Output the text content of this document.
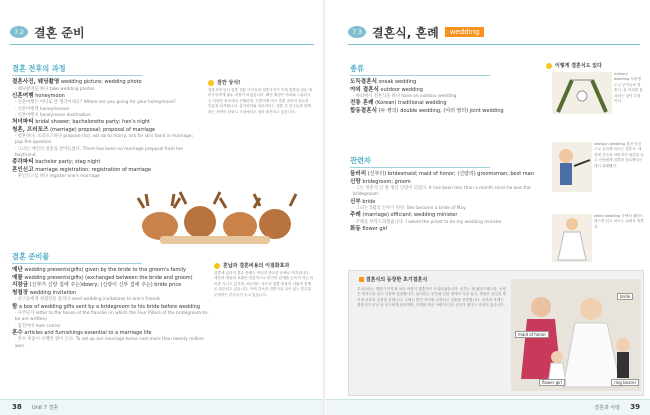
7.2 결혼 준비
결혼 전후의 과정
결혼사진, 웨딩촬영 wedding picture; wedding photo
· 웨딩촬영을 하다 take wedding photos
신혼여행 honeymoon
· 신혼여행은 어디로 갈 생각이세요? Where are you going for your honeymoon?
· 신혼여행객 honeymooner
· 신혼여행지 honeymoon destination
처녀파티 bridal shower; bachelorette party; hen's night
청혼, 프러포즈 (marriage) proposal; proposal of marriage
· 청혼하다, 프러포즈하다 propose (to); ask sb to marry; ask for sb's hand in marriage; pop the question
· 그녀는 애인의 청혼을 받아들였다. There has been no marriage proposal from her boyfriend.
총각파티 bachelor party; stag night
혼인신고 marriage registration; registration of marriage
· 혼인신고를 하다 register one's marriage
잠깐 상식!
결혼식에 앞서 결혼 전통 인식들과 결혼사진이 이제 결혼을 앞둔 예비부부에게 필수 과정이 되었습니다. 웨딩 촬영은 야외와 스튜디오 등 다양한 장소에서 진행되며, 신혼여행 역시 결혼 준비의 중요한 부분을 차지합니다. 총각파티와 처녀파티는 결혼 전 친구들과 함께하는 서양의 문화로 국내에서도 점차 확산되고 있습니다.
결혼 준비물
예단 wedding presents(gifts) given by the bride to the groom's family
예물 wedding presents(gifts) (exchanged between the bride and groom)
지참금 (신부가 신랑 집에 주는)dowry; (신랑이 신부 집에 주는) bride price
청첩장 wedding invitation
· 친구들에게 청첩장을 돌리다 send wedding invitations to one's friends
함 a box of wedding gifts sent by a bridegroom to his bride before wedding
· 사주단자 letter to the house of the fiancée (in which the Four Pillars of the bridegroom-to-be are written)
· 함진아비 ham carrier
혼수 articles and furnishings essential to a marriage life
· 혼수 비용이 수백만 원이 든다. To set up our marriage home cost more than twenty million won.
혼납과 결혼비용의 이질화효과
결혼에 있어서 혼수 문제는 여전히 중요한 문제로 여겨집니다. 예단과 예물의 교환은 전통적으로 양가의 관계를 돈독히 하는 의미를 지니고 있지만, 최근에는 과도한 결혼 비용이 사회적 문제로 대두되고 있습니다. 이에 간소한 결혼식과 실속 있는 혼수를 준비하는 부부들이 늘고 있습니다.
38 Unit 7 결혼
7.3 결혼식, 혼례	wedding
종류
도둑결혼식 sneak wedding
야외 결혼식 outdoor wedding
· 야외에서 결혼식을 하다 have an outdoor wedding
전통 혼례 (Korean) traditional wedding
합동결혼식 (두 쌍의) double wedding; (여러 쌍의) joint wedding
관련자
들러리 (신부의) bridesmaid; maid of honor; (신랑의) groomsman; best man
신랑 bridegroom; groom
· 그는 결혼식 날 잘 생긴 신랑이 되었다. It has been less than a month since he was the bridegroom.
신부 bride
· 그녀는 5월의 신부가 된다. She became a bride of May.
주례 (marriage) officiant; wedding minister
· 주례를 부탁드리겠습니다. I asked the priest to be my wedding minister.
화동 flower girl
이렇게 결혼식도 있다
military wedding 사관생도나 군인들의 결혼식. 칼 아치를 통과하는 것이 특징이다.
shotgun wedding 혼전 임신으로 급하게 치르는 결혼식. 예전에 신부의 아버지가 엽총을 들고 신랑에게 결혼을 강요했다는 데서 유래했다.
white wedding 순백의 웨딩드레스를 입고 치르는 교회식 결혼식.
결혼식의 등장한 초기결혼식
우리나라는 개화기 이후에 처음 서양식 결혼식이 도입되었습니다. 신부는 흰 웨딩드레스를, 신랑은 턱시도를 입고 식장에 입장합니다. 들러리는 신부와 신랑 곁에서 식을 돕고, 화동은 꽃잎을 뿌리며 신부의 입장을 알립니다. 주례는 혼인 서약을 주관하고 성혼을 선언합니다. 신부의 부케는 결혼식이 끝난 뒤 친구에게 던져지며, 부케를 받은 사람이 다음 신부가 된다는 속설이 있습니다.
maid of honor
bride
ring bearer
flower girl
결혼과 사랑 39
